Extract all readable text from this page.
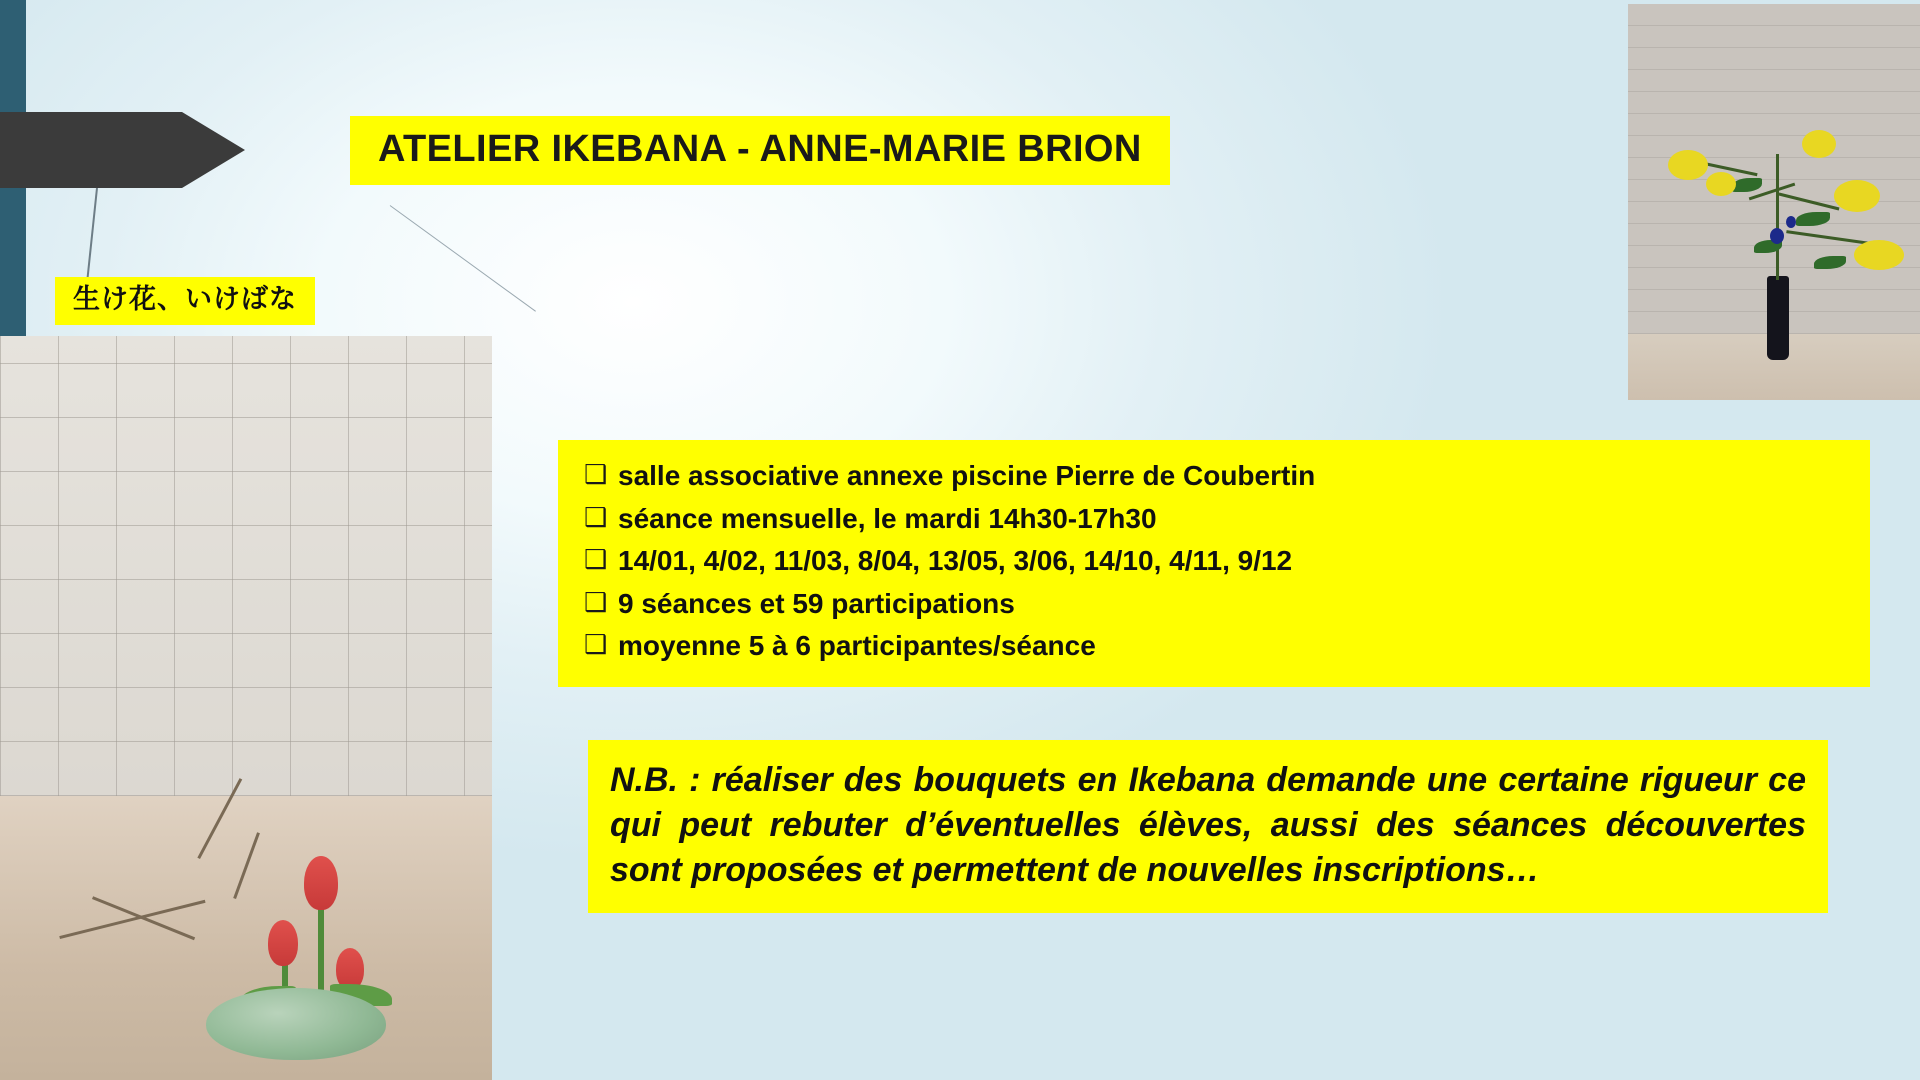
生け花、いけばな
ATELIER IKEBANA - ANNE-MARIE BRION
❑ salle associative annexe piscine Pierre de Coubertin
❑ séance mensuelle, le mardi 14h30-17h30
❑ 14/01, 4/02, 11/03, 8/04, 13/05, 3/06, 14/10, 4/11, 9/12
❑ 9 séances et 59 participations
❑ moyenne 5 à 6 participantes/séance
N.B. : réaliser des bouquets en Ikebana demande une certaine rigueur ce qui peut rebuter d’éventuelles élèves, aussi des séances découvertes sont proposées et permettent de nouvelles inscriptions…
